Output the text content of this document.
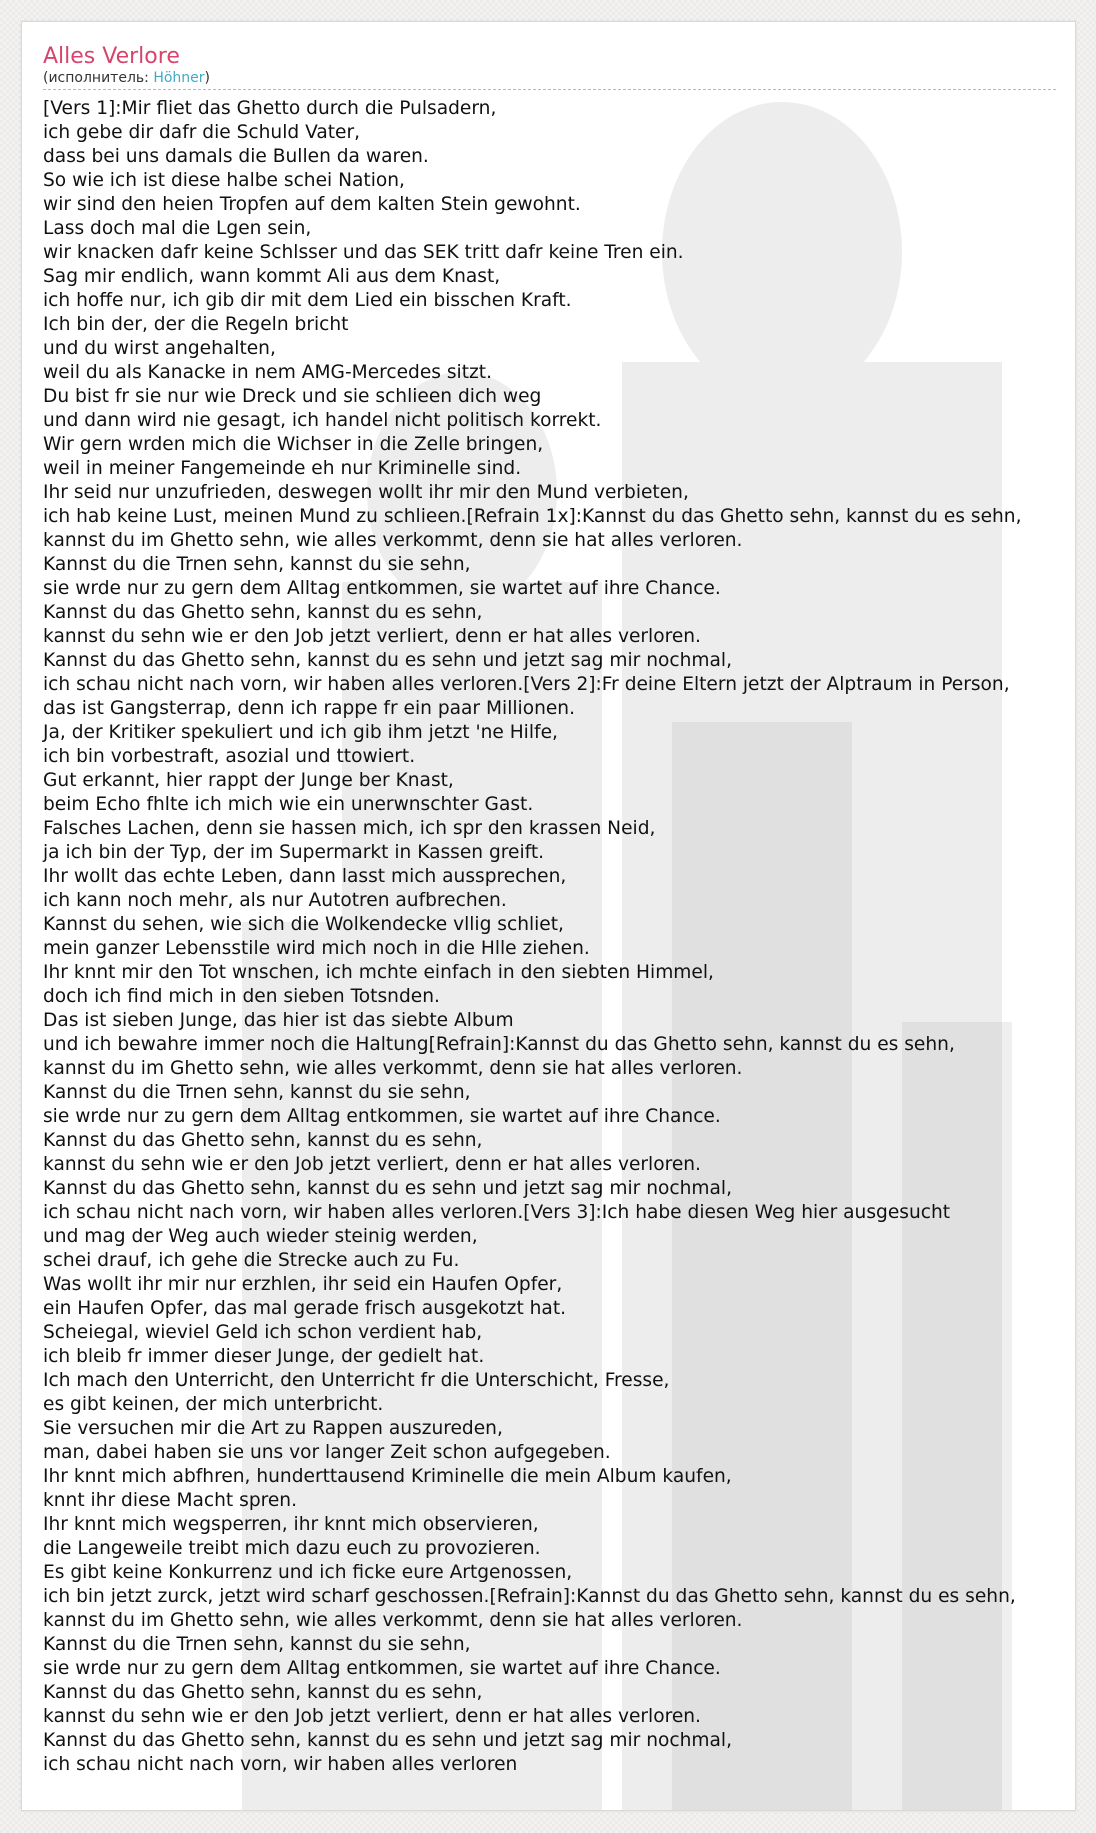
Alles Verlore
(исполнитель: Höhner)
[Vers 1]:Mir fliet das Ghetto durch die Pulsadern,
ich gebe dir dafr die Schuld Vater,
dass bei uns damals die Bullen da waren.
So wie ich ist diese halbe schei Nation,
wir sind den heien Tropfen auf dem kalten Stein gewohnt.
Lass doch mal die Lgen sein,
wir knacken dafr keine Schlsser und das SEK tritt dafr keine Tren ein.
Sag mir endlich, wann kommt Ali aus dem Knast,
ich hoffe nur, ich gib dir mit dem Lied ein bisschen Kraft.
Ich bin der, der die Regeln bricht
und du wirst angehalten,
weil du als Kanacke in nem AMG-Mercedes sitzt.
Du bist fr sie nur wie Dreck und sie schlieen dich weg
und dann wird nie gesagt, ich handel nicht politisch korrekt.
Wir gern wrden mich die Wichser in die Zelle bringen,
weil in meiner Fangemeinde eh nur Kriminelle sind.
Ihr seid nur unzufrieden, deswegen wollt ihr mir den Mund verbieten,
ich hab keine Lust, meinen Mund zu schlieen.[Refrain 1x]:Kannst du das Ghetto sehn, kannst du es sehn,
kannst du im Ghetto sehn, wie alles verkommt, denn sie hat alles verloren.
Kannst du die Trnen sehn, kannst du sie sehn,
sie wrde nur zu gern dem Alltag entkommen, sie wartet auf ihre Chance.
Kannst du das Ghetto sehn, kannst du es sehn,
kannst du sehn wie er den Job jetzt verliert, denn er hat alles verloren.
Kannst du das Ghetto sehn, kannst du es sehn und jetzt sag mir nochmal,
ich schau nicht nach vorn, wir haben alles verloren.[Vers 2]:Fr deine Eltern jetzt der Alptraum in Person,
das ist Gangsterrap, denn ich rappe fr ein paar Millionen.
Ja, der Kritiker spekuliert und ich gib ihm jetzt 'ne Hilfe,
ich bin vorbestraft, asozial und ttowiert.
Gut erkannt, hier rappt der Junge ber Knast,
beim Echo fhlte ich mich wie ein unerwnschter Gast.
Falsches Lachen, denn sie hassen mich, ich spr den krassen Neid,
ja ich bin der Typ, der im Supermarkt in Kassen greift.
Ihr wollt das echte Leben, dann lasst mich aussprechen,
ich kann noch mehr, als nur Autotren aufbrechen.
Kannst du sehen, wie sich die Wolkendecke vllig schliet,
mein ganzer Lebensstile wird mich noch in die Hlle ziehen.
Ihr knnt mir den Tot wnschen, ich mchte einfach in den siebten Himmel,
doch ich find mich in den sieben Totsnden.
Das ist sieben Junge, das hier ist das siebte Album
und ich bewahre immer noch die Haltung[Refrain]:Kannst du das Ghetto sehn, kannst du es sehn,
kannst du im Ghetto sehn, wie alles verkommt, denn sie hat alles verloren.
Kannst du die Trnen sehn, kannst du sie sehn,
sie wrde nur zu gern dem Alltag entkommen, sie wartet auf ihre Chance.
Kannst du das Ghetto sehn, kannst du es sehn,
kannst du sehn wie er den Job jetzt verliert, denn er hat alles verloren.
Kannst du das Ghetto sehn, kannst du es sehn und jetzt sag mir nochmal,
ich schau nicht nach vorn, wir haben alles verloren.[Vers 3]:Ich habe diesen Weg hier ausgesucht
und mag der Weg auch wieder steinig werden,
schei drauf, ich gehe die Strecke auch zu Fu.
Was wollt ihr mir nur erzhlen, ihr seid ein Haufen Opfer,
ein Haufen Opfer, das mal gerade frisch ausgekotzt hat.
Scheiegal, wieviel Geld ich schon verdient hab,
ich bleib fr immer dieser Junge, der gedielt hat.
Ich mach den Unterricht, den Unterricht fr die Unterschicht, Fresse,
es gibt keinen, der mich unterbricht.
Sie versuchen mir die Art zu Rappen auszureden,
man, dabei haben sie uns vor langer Zeit schon aufgegeben.
Ihr knnt mich abfhren, hunderttausend Kriminelle die mein Album kaufen,
knnt ihr diese Macht spren.
Ihr knnt mich wegsperren, ihr knnt mich observieren,
die Langeweile treibt mich dazu euch zu provozieren.
Es gibt keine Konkurrenz und ich ficke eure Artgenossen,
ich bin jetzt zurck, jetzt wird scharf geschossen.[Refrain]:Kannst du das Ghetto sehn, kannst du es sehn,
kannst du im Ghetto sehn, wie alles verkommt, denn sie hat alles verloren.
Kannst du die Trnen sehn, kannst du sie sehn,
sie wrde nur zu gern dem Alltag entkommen, sie wartet auf ihre Chance.
Kannst du das Ghetto sehn, kannst du es sehn,
kannst du sehn wie er den Job jetzt verliert, denn er hat alles verloren.
Kannst du das Ghetto sehn, kannst du es sehn und jetzt sag mir nochmal,
ich schau nicht nach vorn, wir haben alles verloren
